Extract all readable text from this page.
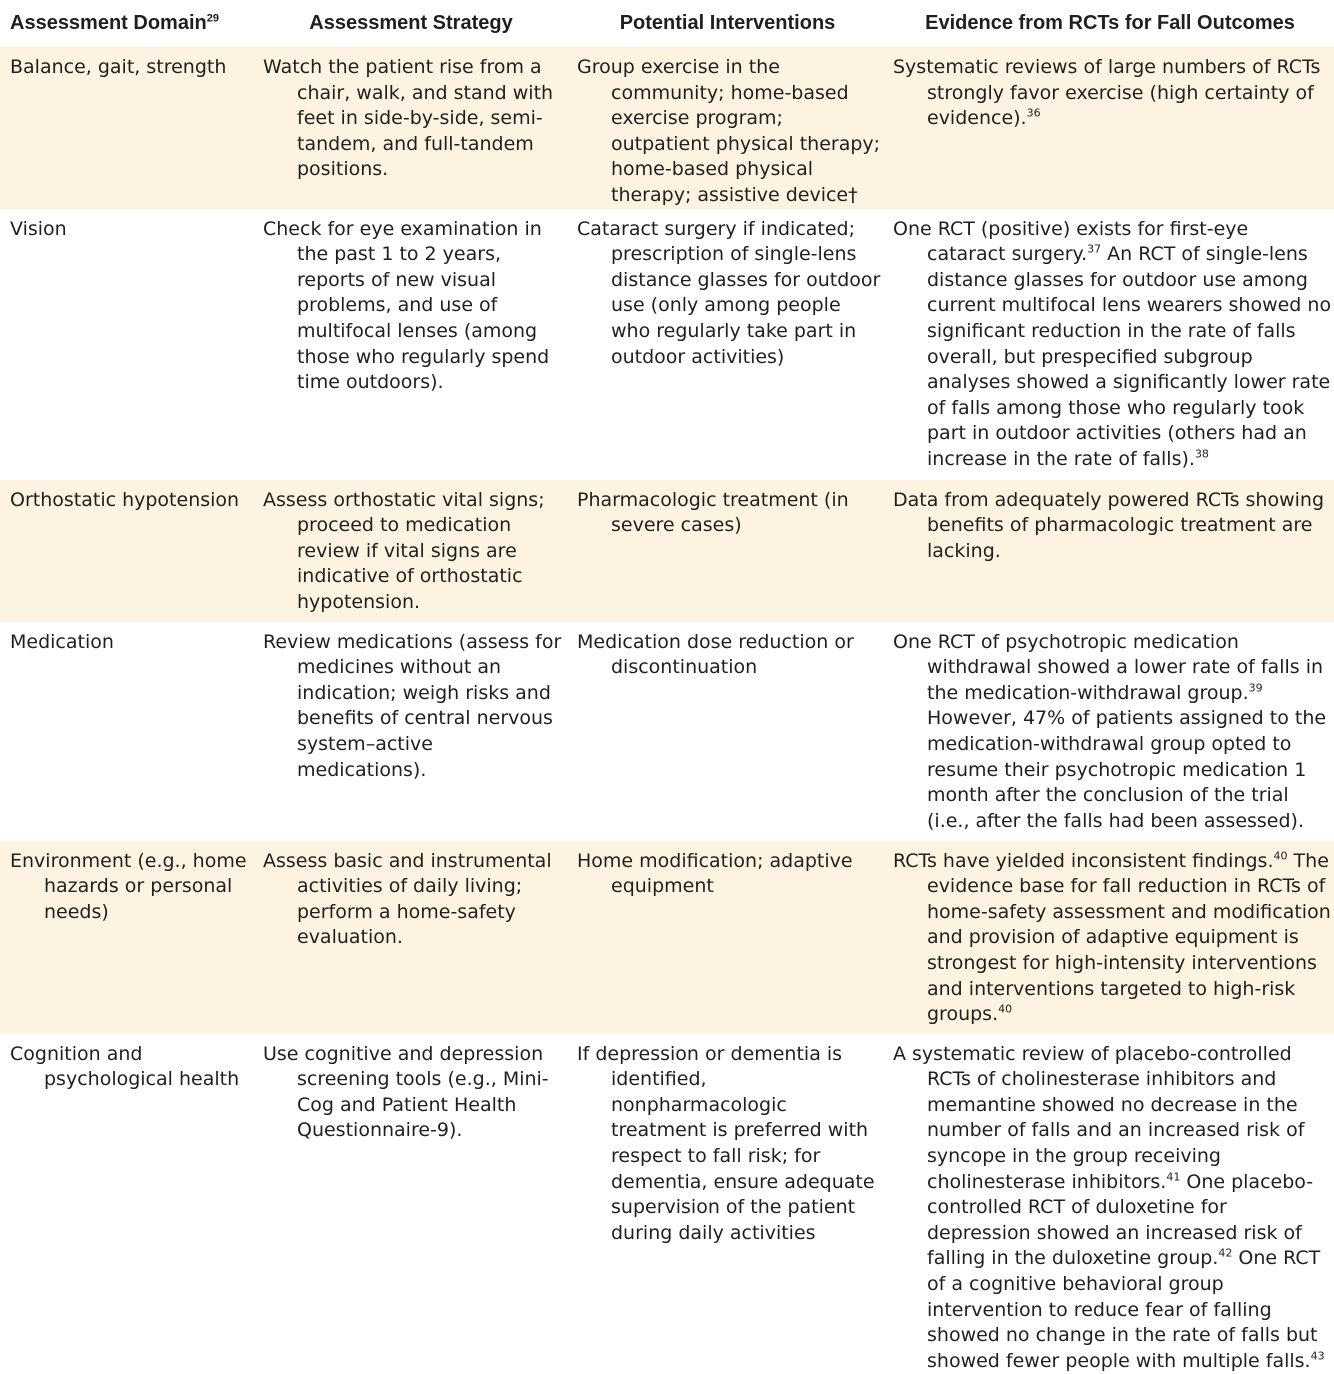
Assessment Domain$^{29}$	Assessment Strategy	Potential Interventions	Evidence from RCTs for Fall Outcomes

Balance, gait, strength	Watch the patient rise from a chair, walk, and stand with feet in side-by-side, semi-tandem, and full-tandem positions.	Group exercise in the community; home-based exercise program; outpatient physical therapy; home-based physical therapy; assistive device†	Systematic reviews of large numbers of RCTs strongly favor exercise (high certainty of evidence).$^{36}$

Vision	Check for eye examination in the past 1 to 2 years, reports of new visual problems, and use of multifocal lenses (among those who regularly spend time outdoors).	Cataract surgery if indicated; prescription of single-lens distance glasses for outdoor use (only among people who regularly take part in outdoor activities)	One RCT (positive) exists for first-eye cataract surgery.$^{37}$ An RCT of single-lens distance glasses for outdoor use among current multifocal lens wearers showed no significant reduction in the rate of falls overall, but prespecified subgroup analyses showed a significantly lower rate of falls among those who regularly took part in outdoor activities (others had an increase in the rate of falls).$^{38}$

Orthostatic hypotension	Assess orthostatic vital signs; proceed to medication review if vital signs are indicative of orthostatic hypotension.	Pharmacologic treatment (in severe cases)	Data from adequately powered RCTs showing benefits of pharmacologic treatment are lacking.

Medication	Review medications (assess for medicines without an indication; weigh risks and benefits of central nervous system–active medications).	Medication dose reduction or discontinuation	One RCT of psychotropic medication withdrawal showed a lower rate of falls in the medication-withdrawal group.$^{39}$ However, 47% of patients assigned to the medication-withdrawal group opted to resume their psychotropic medication 1 month after the conclusion of the trial (i.e., after the falls had been assessed).

Environment (e.g., home hazards or personal needs)	Assess basic and instrumental activities of daily living; perform a home-safety evaluation.	Home modification; adaptive equipment	RCTs have yielded inconsistent findings.$^{40}$ The evidence base for fall reduction in RCTs of home-safety assessment and modification and provision of adaptive equipment is strongest for high-intensity interventions and interventions targeted to high-risk groups.$^{40}$

Cognition and psychological health	Use cognitive and depression screening tools (e.g., Mini-Cog and Patient Health Questionnaire-9).	If depression or dementia is identified, nonpharmacologic treatment is preferred with respect to fall risk; for dementia, ensure adequate supervision of the patient during daily activities	A systematic review of placebo-controlled RCTs of cholinesterase inhibitors and memantine showed no decrease in the number of falls and an increased risk of syncope in the group receiving cholinesterase inhibitors.$^{41}$ One placebo-controlled RCT of duloxetine for depression showed an increased risk of falling in the duloxetine group.$^{42}$ One RCT of a cognitive behavioral group intervention to reduce fear of falling showed no change in the rate of falls but showed fewer people with multiple falls.$^{43}$
